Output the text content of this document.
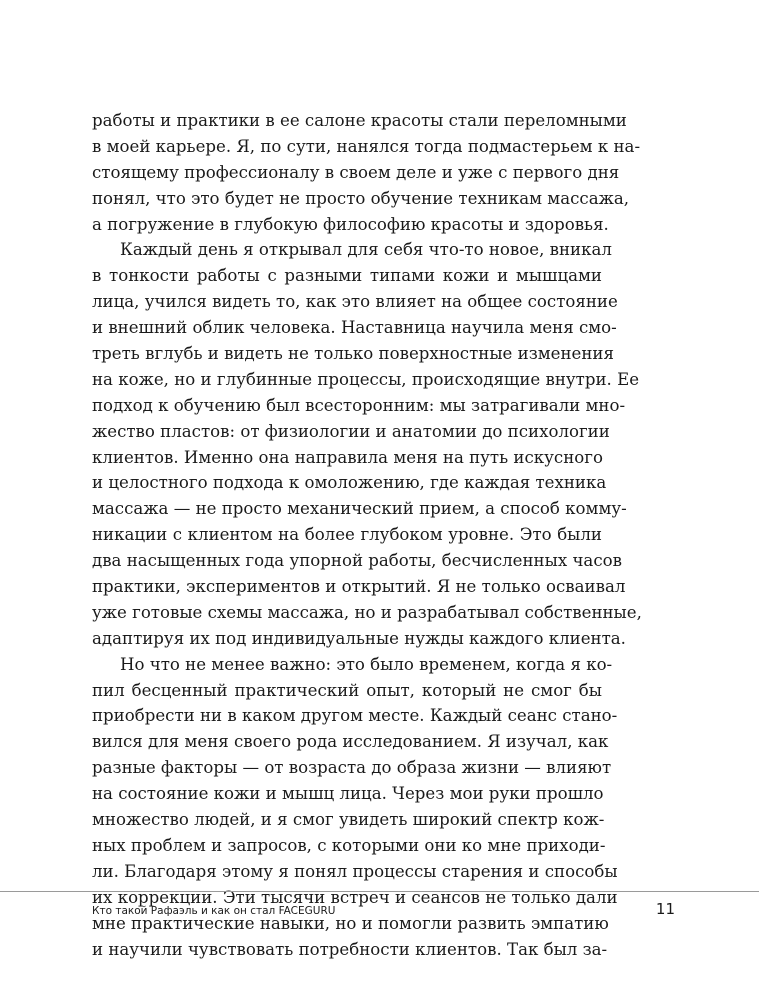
работы и практики в ее салоне красоты стали переломными
в моей карьере. Я, по сути, нанялся тогда подмастерьем к на-
стоящему профессионалу в своем деле и уже с первого дня
понял, что это будет не просто обучение техникам массажа,
а погружение в глубокую философию красоты и здоровья.
Каждый день я открывал для себя что-то новое, вникал
в тонкости работы с разными типами кожи и мышцами
лица, учился видеть то, как это влияет на общее состояние
и внешний облик человека. Наставница научила меня смо-
треть вглубь и видеть не только поверхностные изменения
на коже, но и глубинные процессы, происходящие внутри. Ее
подход к обучению был всесторонним: мы затрагивали мно-
жество пластов: от физиологии и анатомии до психологии
клиентов. Именно она направила меня на путь искусного
и целостного подхода к омоложению, где каждая техника
массажа — не просто механический прием, а способ комму-
никации с клиентом на более глубоком уровне. Это были
два насыщенных года упорной работы, бесчисленных часов
практики, экспериментов и открытий. Я не только осваивал
уже готовые схемы массажа, но и разрабатывал собственные,
адаптируя их под индивидуальные нужды каждого клиента.
Но что не менее важно: это было временем, когда я ко-
пил бесценный практический опыт, который не смог бы
приобрести ни в каком другом месте. Каждый сеанс стано-
вился для меня своего рода исследованием. Я изучал, как
разные факторы — от возраста до образа жизни — влияют
на состояние кожи и мышц лица. Через мои руки прошло
множество людей, и я смог увидеть широкий спектр кож-
ных проблем и запросов, с которыми они ко мне приходи-
ли. Благодаря этому я понял процессы старения и способы
их коррекции. Эти тысячи встреч и сеансов не только дали
мне практические навыки, но и помогли развить эмпатию
и научили чувствовать потребности клиентов. Так был за-
Кто такой Рафаэль и как он стал FACEGURU	11
